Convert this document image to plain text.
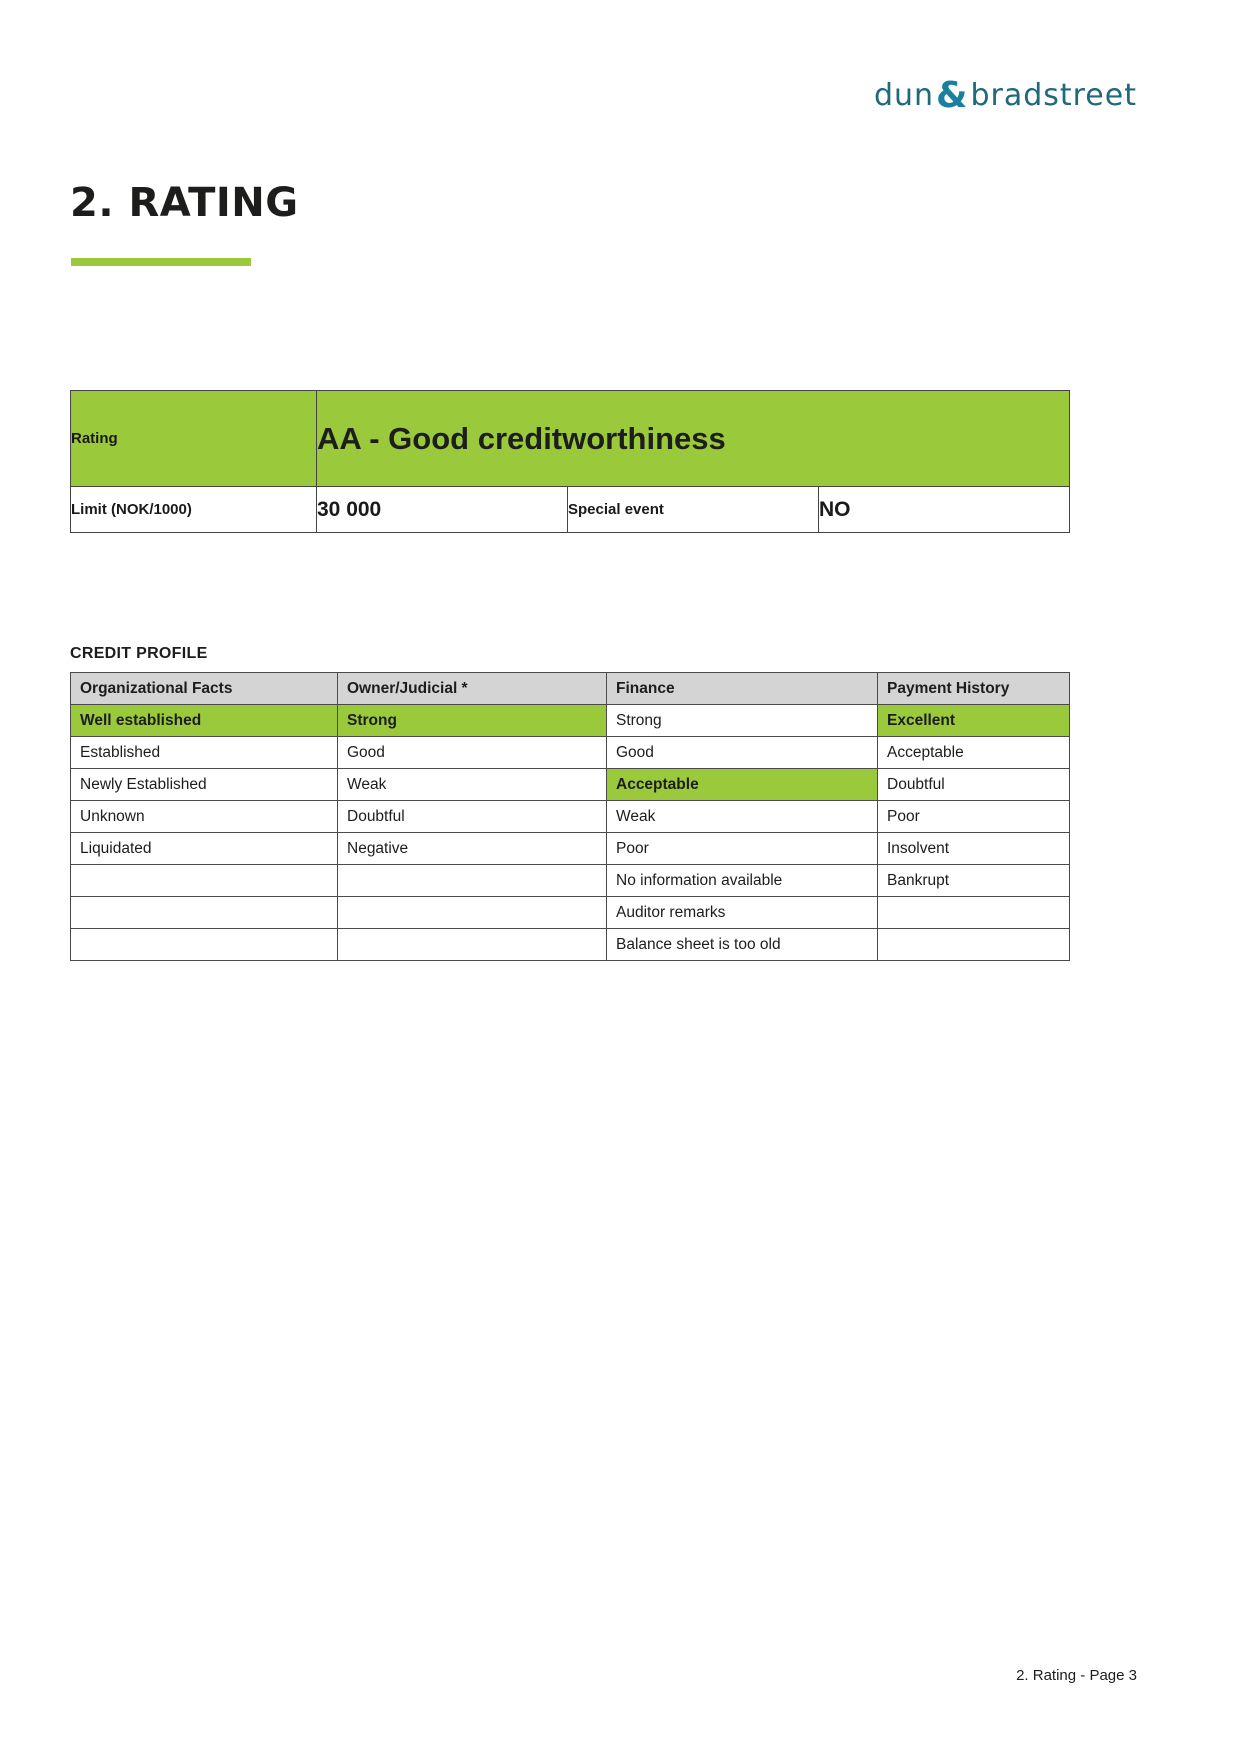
dun&bradstreet
2. RATING
Rating	AA - Good creditworthiness		
Limit (NOK/1000)	30 000	Special event	NO
CREDIT PROFILE
Organizational Facts	Owner/Judicial *	Finance	Payment History
Well established	Strong	Strong	Excellent
Established	Good	Good	Acceptable
Newly Established	Weak	Acceptable	Doubtful
Unknown	Doubtful	Weak	Poor
Liquidated	Negative	Poor	Insolvent
		No information available	Bankrupt
		Auditor remarks	
		Balance sheet is too old	
2. Rating - Page 3
